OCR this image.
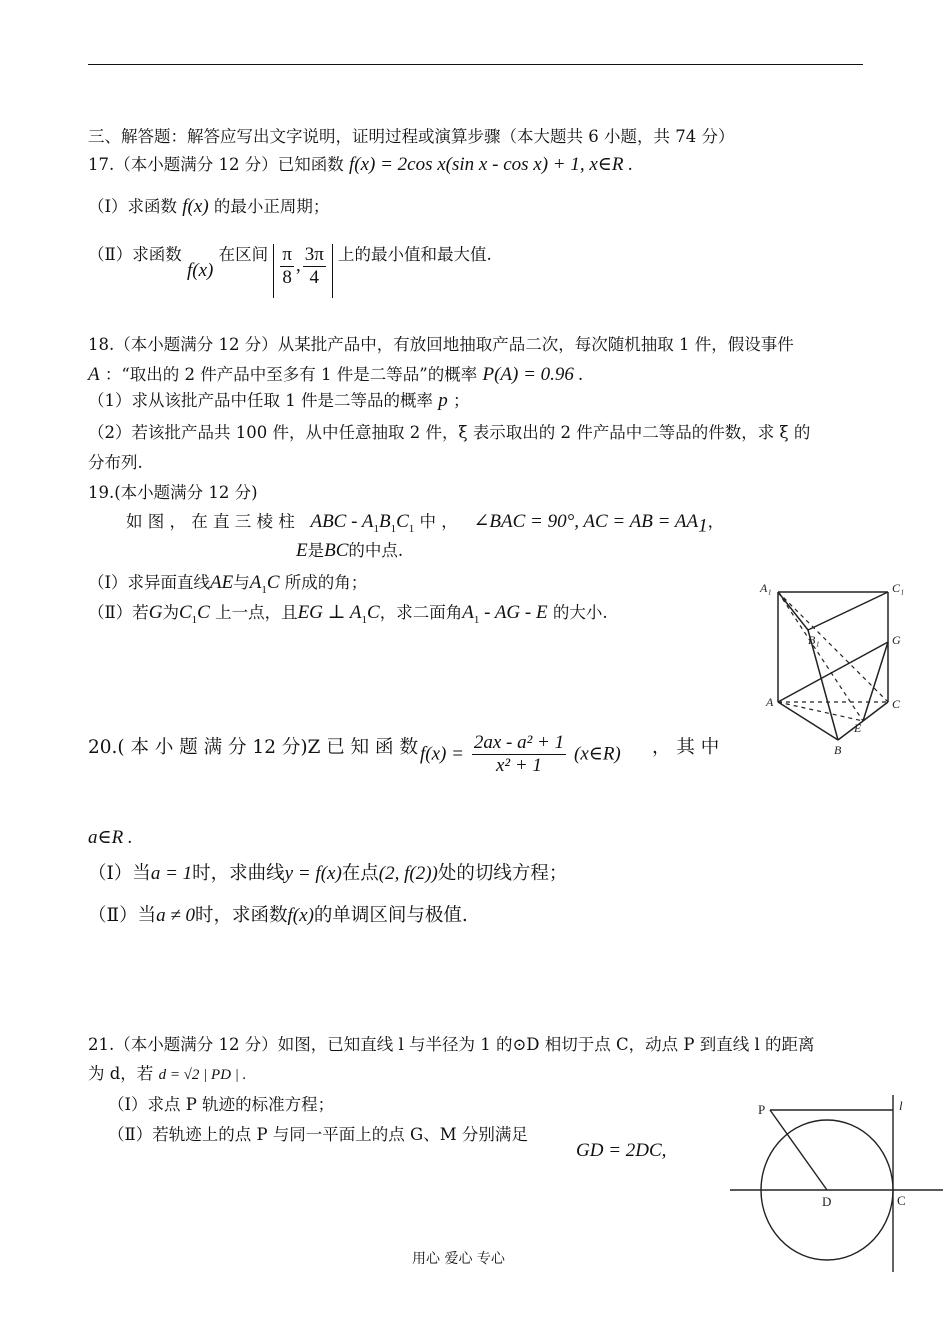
三、解答题：解答应写出文字说明，证明过程或演算步骤（本大题共 6 小题，共 74 分）
17.（本小题满分 12 分）已知函数 f(x) = 2cos x(sin x - cos x) + 1, x∈R .
（Ⅰ）求函数 f(x) 的最小正周期；
（Ⅱ）求函数 f(x) 在区间 $\frac{\pi}{8}$ , $\frac{3\pi}{4}$ 上的最小值和最大值.
18.（本小题满分 12 分）从某批产品中，有放回地抽取产品二次，每次随机抽取 1 件，假设事件
A ：“取出的 2 件产品中至多有 1 件是二等品”的概率 P(A) = 0.96 .
（1）求从该批产品中任取 1 件是二等品的概率 p ；
（2）若该批产品共 100 件，从中任意抽取 2 件，ξ 表示取出的 2 件产品中二等品的件数，求 ξ 的
分布列.
19.(本小题满分 12 分)
如 图 ， 在 直 三 棱 柱 ABC - $A_1B_1C_1$ 中 ， ∠BAC = 90°, AC = AB = $AA_1$，
E是BC的中点.
（Ⅰ）求异面直线AE与$A_1C$ 所成的角；
（Ⅱ）若G为$C_1C$ 上一点，且EG ⊥ $A_1C$，求二面角$A_1$ - AG - E 的大小.
A₁	C₁
B₁	G
A	C
E
B
20.( 本 小 题 满 分 12 分)Z 已 知 函 数 $f(x) = \frac{\text{2ax - a² + 1}}{\text{x² + 1}}$ (x∈R) ， 其 中
a∈R .
（Ⅰ）当a = 1时，求曲线y = f(x)在点(2, f(2))处的切线方程；
（Ⅱ）当a ≠ 0时，求函数f(x)的单调区间与极值.
21.（本小题满分 12 分）如图，已知直线 l 与半径为 1 的⊙D 相切于点 C，动点 P 到直线 l 的距离
为 d，若 d = √2 | PD | .
（Ⅰ）求点 P 轨迹的标准方程；
（Ⅱ）若轨迹上的点 P 与同一平面上的点 G、M 分别满足
GD = 2DC,
P	l
D	C
用心 爱心 专心
